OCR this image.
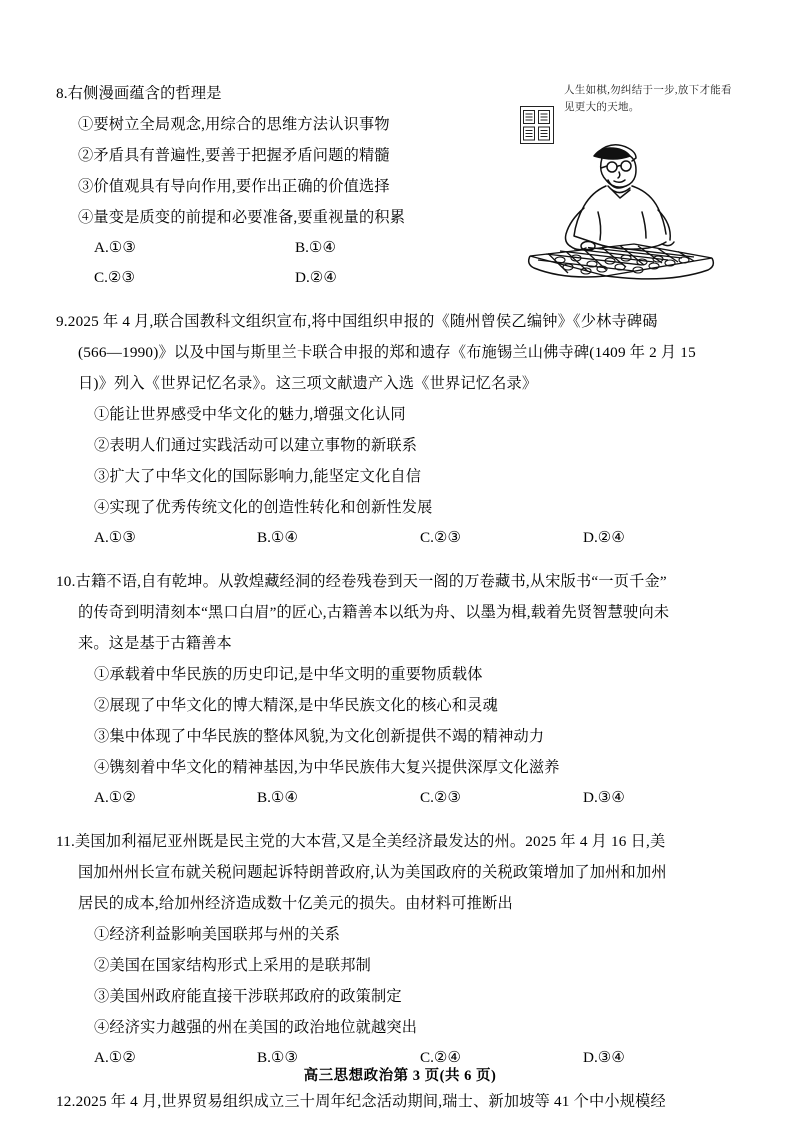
8.右侧漫画蕴含的哲理是
①要树立全局观念,用综合的思维方法认识事物
②矛盾具有普遍性,要善于把握矛盾问题的精髓
③价值观具有导向作用,要作出正确的价值选择
④量变是质变的前提和必要准备,要重视量的积累
A.①③	B.①④
C.②③	D.②④
人生如棋,勿纠结于一步,放下才能看见更大的天地。
9.2025 年 4 月,联合国教科文组织宣布,将中国组织申报的《随州曾侯乙编钟》《少林寺碑碣
(566—1990)》以及中国与斯里兰卡联合申报的郑和遗存《布施锡兰山佛寺碑(1409 年 2 月 15
日)》列入《世界记忆名录》。这三项文献遗产入选《世界记忆名录》
①能让世界感受中华文化的魅力,增强文化认同
②表明人们通过实践活动可以建立事物的新联系
③扩大了中华文化的国际影响力,能坚定文化自信
④实现了优秀传统文化的创造性转化和创新性发展
A.①③	B.①④	C.②③	D.②④
10.古籍不语,自有乾坤。从敦煌藏经洞的经卷残卷到天一阁的万卷藏书,从宋版书“一页千金”
的传奇到明清刻本“黑口白眉”的匠心,古籍善本以纸为舟、以墨为楫,载着先贤智慧驶向未
来。这是基于古籍善本
①承载着中华民族的历史印记,是中华文明的重要物质载体
②展现了中华文化的博大精深,是中华民族文化的核心和灵魂
③集中体现了中华民族的整体风貌,为文化创新提供不竭的精神动力
④镌刻着中华文化的精神基因,为中华民族伟大复兴提供深厚文化滋养
A.①②	B.①④	C.②③	D.③④
11.美国加利福尼亚州既是民主党的大本营,又是全美经济最发达的州。2025 年 4 月 16 日,美
国加州州长宣布就关税问题起诉特朗普政府,认为美国政府的关税政策增加了加州和加州
居民的成本,给加州经济造成数十亿美元的损失。由材料可推断出
①经济利益影响美国联邦与州的关系
②美国在国家结构形式上采用的是联邦制
③美国州政府能直接干涉联邦政府的政策制定
④经济实力越强的州在美国的政治地位就越突出
A.①②	B.①③	C.②④	D.③④
12.2025 年 4 月,世界贸易组织成立三十周年纪念活动期间,瑞士、新加坡等 41 个中小规模经
高三思想政治第 3 页(共 6 页)
